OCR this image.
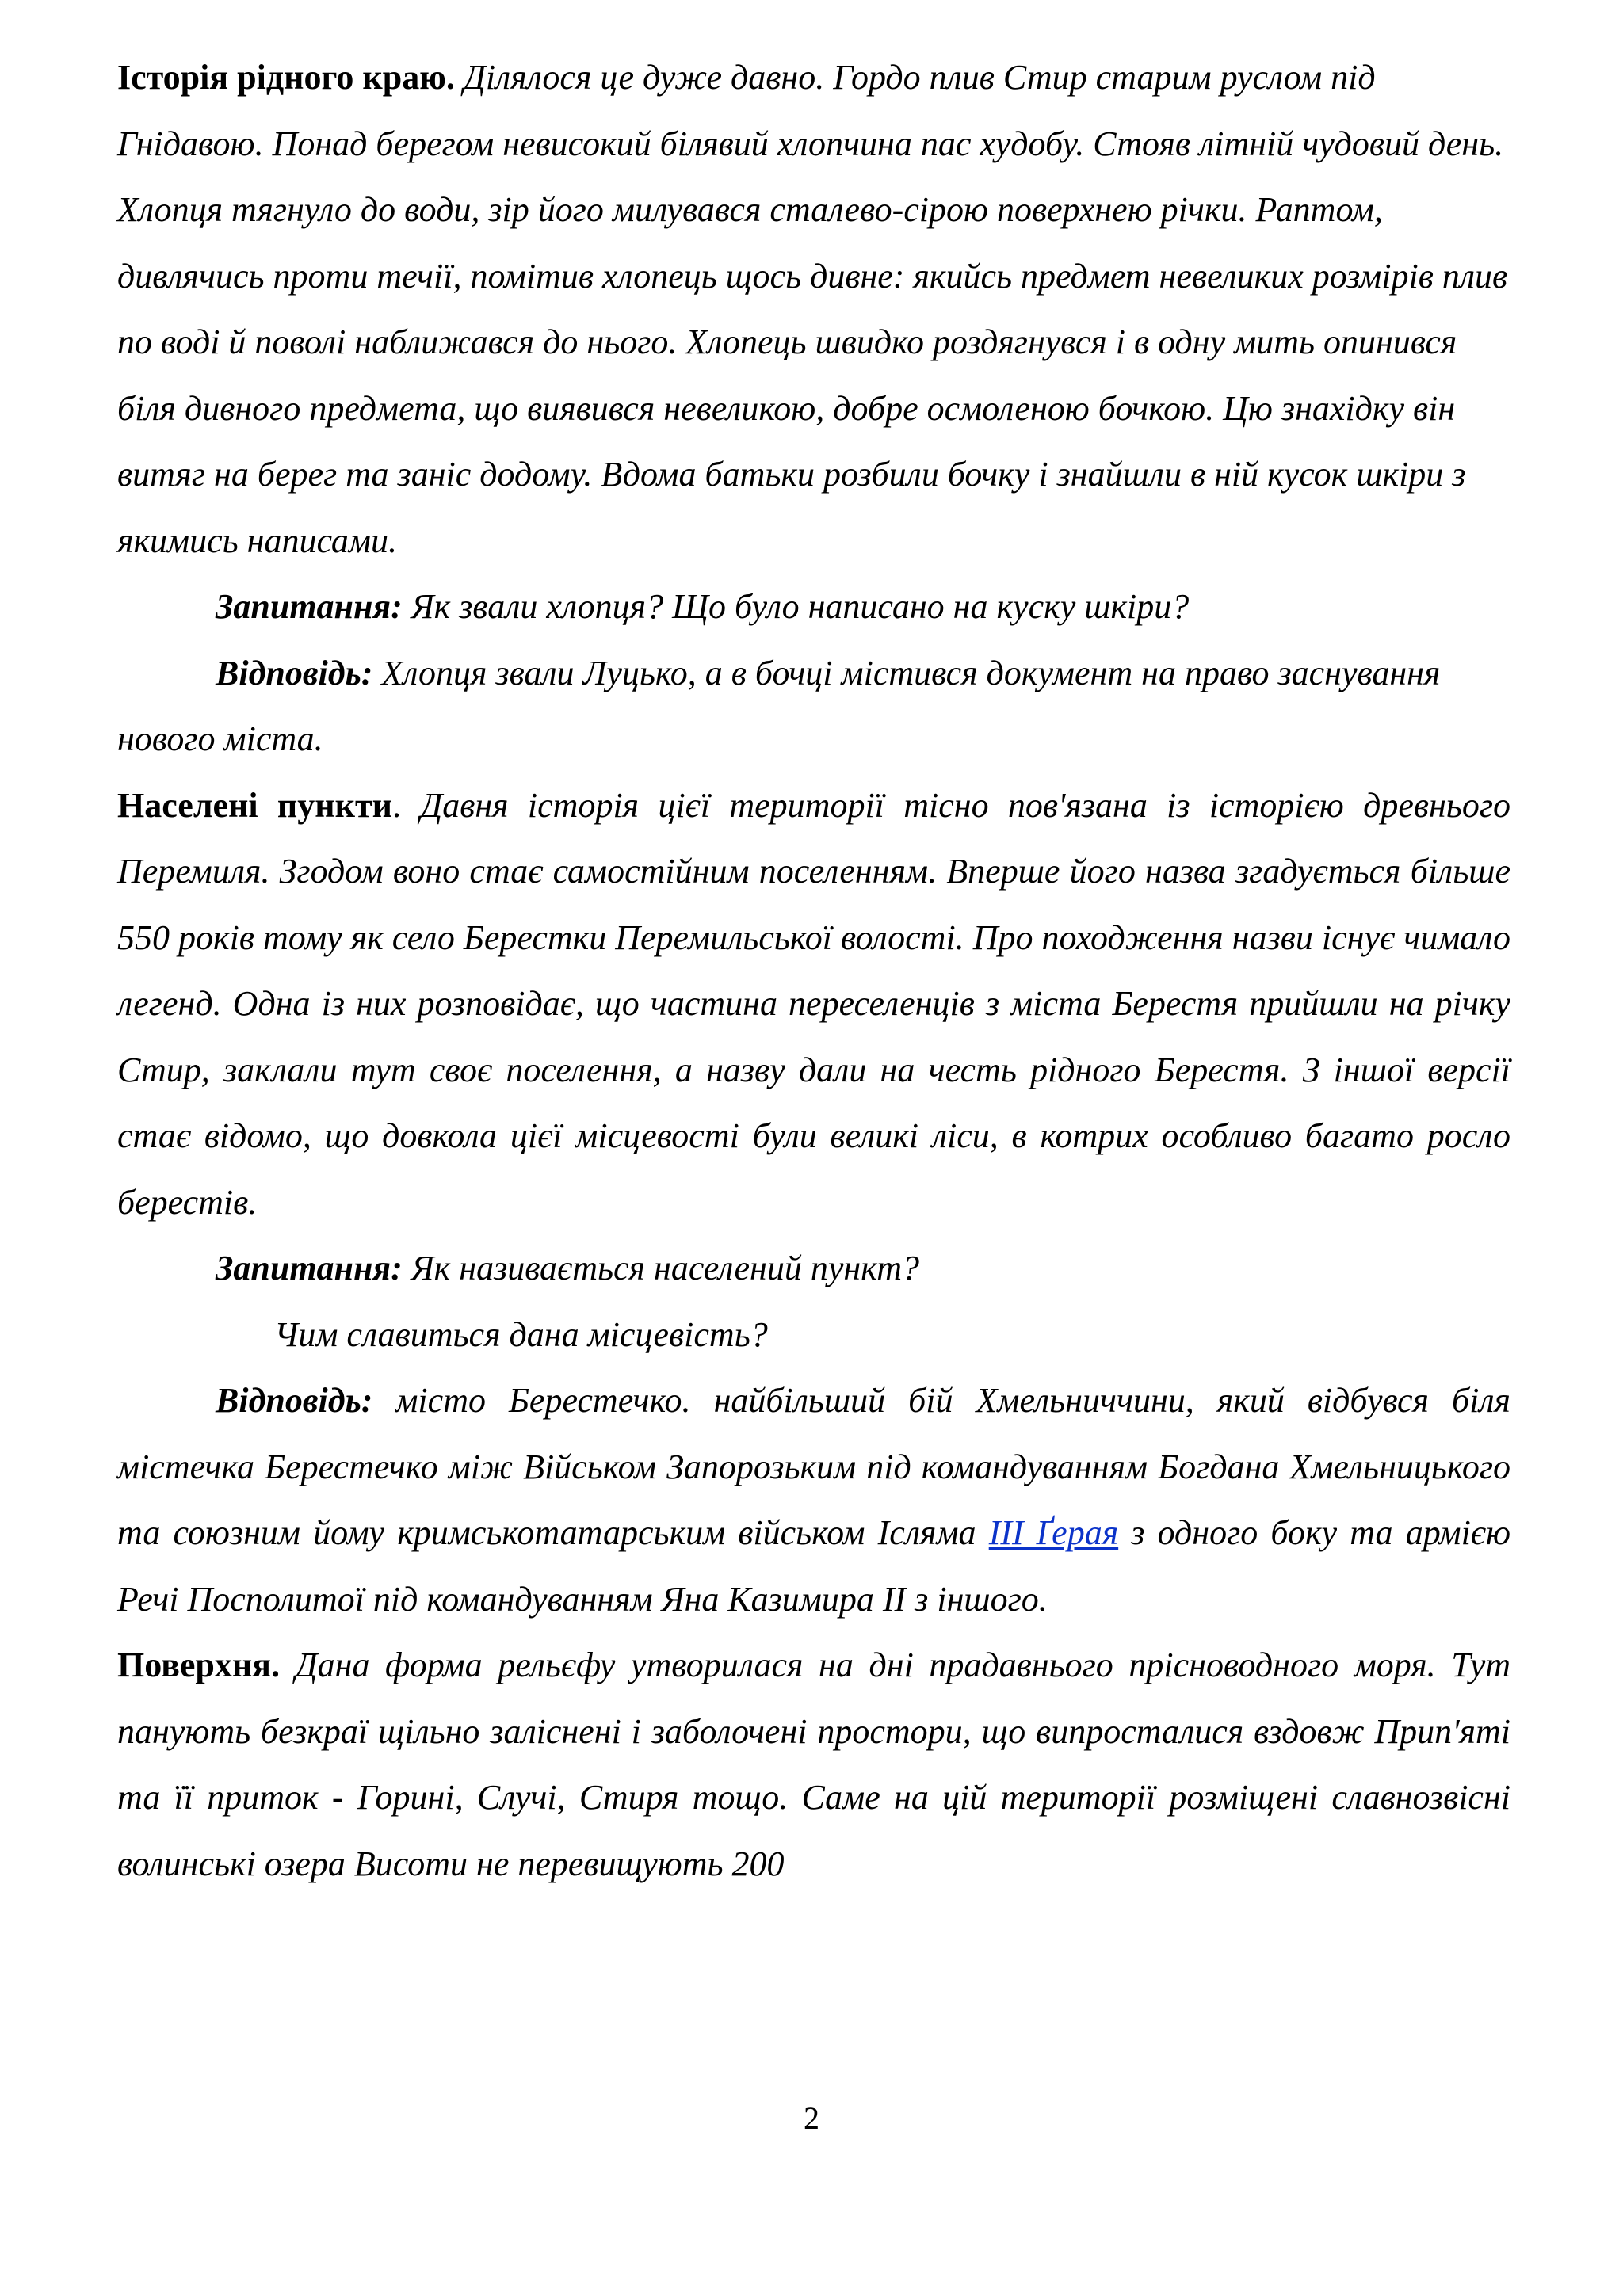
Історія рідного краю. Ділялося це дуже давно. Гордо плив Стир старим руслом під Гнідавою. Понад берегом невисокий білявий хлопчина пас худобу. Стояв літній чудовий день. Хлопця тягнуло до води, зір його милувався сталево-сірою поверхнею річки. Раптом, дивлячись проти течії, помітив хлопець щось дивне: якийсь предмет невеликих розмірів плив по воді й поволі наближався до нього. Хлопець швидко роздягнувся і в одну мить опинився біля дивного предмета, що виявився невеликою, добре осмоленою бочкою. Цю знахідку він витяг на берег та заніс додому. Вдома батьки розбили бочку і знайшли в ній кусок шкіри з якимись написами.

Запитання: Як звали хлопця? Що було написано на куску шкіри?

Відповідь: Хлопця звали Луцько, а в бочці містився документ на право заснування нового міста.

Населені пункти. Давня історія цієї території тісно пов'язана із історією древнього Перемиля. Згодом воно стає самостійним поселенням. Вперше його назва згадується більше 550 років тому як село Берестки Перемильської волості. Про походження назви існує чимало легенд. Одна із них розповідає, що частина переселенців з міста Берестя прийшли на річку Стир, заклали тут своє поселення, а назву дали на честь рідного Берестя. З іншої версії стає відомо, що довкола цієї місцевості були великі ліси, в котрих особливо багато росло берестів.

Запитання: Як називається населений пункт?

Чим славиться дана місцевість?

Відповідь: місто Берестечко. найбільший бій Хмельниччини, який відбувся біля містечка Берестечко між Військом Запорозьким під командуванням Богдана Хмельницького та союзним йому кримськотатарським військом Ісляма ІІІ Ґерая з одного боку та армією Речі Посполитої під командуванням Яна Казимира ІІ з іншого.

Поверхня. Дана форма рельєфу утворилася на дні прадавнього прісноводного моря. Тут панують безкраї щільно заліснені і заболочені простори, що випросталися вздовж Прип'яті та її приток - Горині, Случі, Стиря тощо. Саме на цій території розміщені славнозвісні волинські озера Висоти не перевищують 200

2
